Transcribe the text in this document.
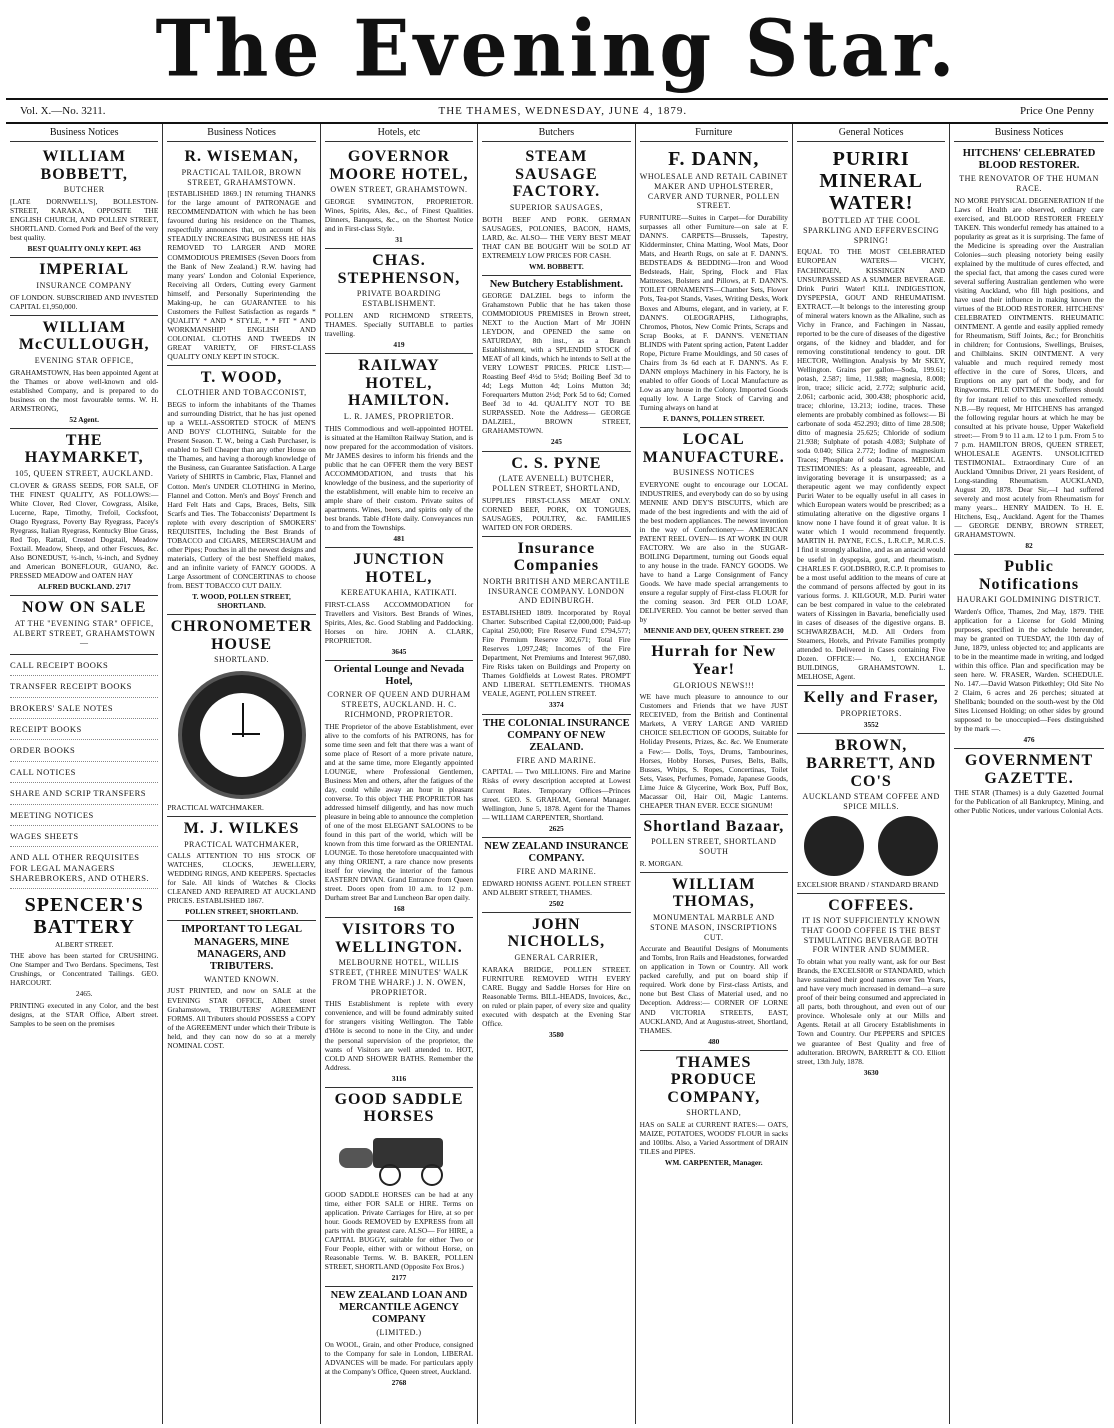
The Evening Star.
Vol. X.—No. 3211.	THE THAMES, WEDNESDAY, JUNE 4, 1879.	Price One Penny
Business Notices
WILLIAM BOBBETT,
BUTCHER
[LATE DORNWELL'S], BOLLESTON-STREET, KARAKA, OPPOSITE THE ENGLISH CHURCH, AND POLLEN STREET, SHORTLAND. Corned Pork and Beef of the very best quality.
BEST QUALITY ONLY KEPT. 463
IMPERIAL
INSURANCE COMPANY
OF LONDON. SUBSCRIBED AND INVESTED CAPITAL £1,950,000.
WILLIAM McCULLOUGH,
EVENING STAR OFFICE,
GRAHAMSTOWN, Has been appointed Agent at the Thames or above well-known and old-established Company, and is prepared to do business on the most favourable terms. W. H. ARMSTRONG,
52 Agent.
THE HAYMARKET,
105, QUEEN STREET, AUCKLAND.
CLOVER & GRASS SEEDS, FOR SALE, OF THE FINEST QUALITY, AS FOLLOWS:— White Clover, Red Clover, Cowgrass, Alsike, Lucerne, Rape, Timothy, Trefoil, Cocksfoot, Otago Ryegrass, Poverty Bay Ryegrass, Pacey's Ryegrass, Italian Ryegrass, Kentucky Blue Grass, Red Top, Rattail, Crested Dogstail, Meadow Foxtail. Meadow, Sheep, and other Fescues, &c. Also BONEDUST, ½-inch, ¼-inch, and Sydney and American BONEFLOUR, GUANO, &c. PRESSED MEADOW and OATEN HAY
ALFRED BUCKLAND. 2717
NOW ON SALE
AT THE "EVENING STAR" OFFICE, ALBERT STREET, GRAHAMSTOWN—
CALL RECEIPT BOOKS
TRANSFER RECEIPT BOOKS
BROKERS' SALE NOTES
RECEIPT BOOKS
ORDER BOOKS
CALL NOTICES
SHARE AND SCRIP TRANSFERS
MEETING NOTICES
WAGES SHEETS
AND ALL OTHER REQUISITES FOR LEGAL MANAGERS SHAREBROKERS, AND OTHERS.
SPENCER'S BATTERY
ALBERT STREET.
THE above has been started for CRUSHING. One Stamper and Two Berdans. Specimens, Test Crushings, or Concentrated Tailings. GEO. HARCOURT.
2465.
PRINTING executed in any Color, and the best designs, at the STAR Office, Albert street. Samples to be seen on the premises
Business Notices
R. WISEMAN,
PRACTICAL TAILOR, BROWN STREET, GRAHAMSTOWN.
[ESTABLISHED 1869.] IN returning THANKS for the large amount of PATRONAGE and RECOMMENDATION with which he has been favoured during his residence on the Thames, respectfully announces that, on account of his STEADILY INCREASING BUSINESS HE HAS REMOVED TO LARGER AND MORE COMMODIOUS PREMISES (Seven Doors from the Bank of New Zealand.) R.W. having had many years' London and Colonial Experience, Receiving all Orders, Cutting every Garment himself, and Personally Superintending the Making-up, he can GUARANTEE to his Customers the Fullest Satisfaction as regards * QUALITY * AND * STYLE, * * FIT * AND WORKMANSHIP! ENGLISH AND COLONIAL CLOTHS AND TWEEDS IN GREAT VARIETY, OF FIRST-CLASS QUALITY ONLY KEPT IN STOCK.
T. WOOD,
CLOTHIER AND TOBACCONIST,
BEGS to inform the inhabitants of the Thames and surrounding District, that he has just opened up a WELL-ASSORTED STOCK of MEN'S AND BOYS' CLOTHING, Suitable for the Present Season. T. W., being a Cash Purchaser, is enabled to Sell Cheaper than any other House on the Thames, and having a thorough knowledge of the Business, can Guarantee Satisfaction. A Large Variety of SHIRTS in Cambric, Flax, Flannel and Cotton. Men's UNDER CLOTHING in Merino, Flannel and Cotton. Men's and Boys' French and Hard Felt Hats and Caps, Braces, Belts, Silk Scarfs and Ties. The Tobacconists' Department Is replete with every description of SMOKERS' REQUISITES, Including the Best Brands of TOBACCO and CIGARS, MEERSCHAUM and other Pipes; Pouches in all the newest designs and materials, Cutlery of the best Sheffield makes, and an infinite variety of FANCY GOODS. A Large Assortment of CONCERTINAS to choose from. BEST TOBACCO CUT DAILY.
T. WOOD, POLLEN STREET, SHORTLAND.
CHRONOMETER HOUSE
SHORTLAND.
PRACTICAL WATCHMAKER.
M. J. WILKES
PRACTICAL WATCHMAKER,
CALLS ATTENTION TO HIS STOCK OF WATCHES, CLOCKS, JEWELLERY, WEDDING RINGS, AND KEEPERS. Spectacles for Sale. All kinds of Watches & Clocks CLEANED AND REPAIRED AT AUCKLAND PRICES. ESTABLISHED 1867.
POLLEN STREET, SHORTLAND.
IMPORTANT TO LEGAL MANAGERS, MINE MANAGERS, AND TRIBUTERS.
WANTED KNOWN.
JUST PRINTED, and now on SALE at the EVENING STAR OFFICE, Albert street Grahamstown, TRIBUTERS' AGREEMENT FORMS. All Tributers should POSSESS a COPY of the AGREEMENT under which their Tribute is held, and they can now do so at a merely NOMINAL COST.
Hotels, etc
GOVERNOR MOORE HOTEL,
OWEN STREET, GRAHAMSTOWN.
GEORGE SYMINGTON, PROPRIETOR. Wines, Spirits, Ales, &c., of Finest Qualities. Dinners, Banquets, &c., on the Shortest Notice and in First-class Style.
31
CHAS. STEPHENSON,
PRIVATE BOARDING ESTABLISHMENT.
POLLEN AND RICHMOND STREETS, THAMES. Specially SUITABLE to parties travelling.
419
RAILWAY HOTEL, HAMILTON.
L. R. JAMES, PROPRIETOR.
THIS Commodious and well-appointed HOTEL is situated at the Hamilton Railway Station, and is now prepared for the accommodation of visitors. Mr JAMES desires to inform his friends and the public that he can OFFER them the very BEST ACCOMMODATION, and trusts that his knowledge of the business, and the superiority of the establishment, will enable him to receive an ample share of their custom. Private suites of apartments. Wines, beers, and spirits only of the best brands. Table d'Hote daily. Conveyances run to and from the Townships.
481
JUNCTION HOTEL,
KEREATUKAHIA, KATIKATI.
FIRST-CLASS ACCOMMODATION for Travellers and Visitors. Best Brands of Wines, Spirits, Ales, &c. Good Stabling and Paddocking. Horses on hire. JOHN A. CLARK, PROPRIETOR.
3645
Oriental Lounge and Nevada Hotel,
CORNER OF QUEEN AND DURHAM STREETS, AUCKLAND. H. C. RICHMOND, PROPRIETOR.
THE Proprietor of the above Establishment, ever alive to the comforts of his PATRONS, has for some time seen and felt that there was a want of some place of Resort of a more private nature, and at the same time, more Elegantly appointed LOUNGE, where Professional Gentlemen, Business Men and others, after the fatigues of the day, could while away an hour in pleasant converse. To this object THE PROPRIETOR has addressed himself diligently, and has now much pleasure in being able to announce the completion of one of the most ELEGANT SALOONS to be found in this part of the world, which will be known from this time forward as the ORIENTAL LOUNGE. To those heretofore unacquainted with any thing ORIENT, a rare chance now presents itself for viewing the interior of the famous EASTERN DIVAN. Grand Entrance from Queen street. Doors open from 10 a.m. to 12 p.m. Durham street Bar and Luncheon Bar open daily.
168
VISITORS TO WELLINGTON.
MELBOURNE HOTEL, WILLIS STREET, (THREE MINUTES' WALK FROM THE WHARF.) J. N. OWEN, PROPRIETOR.
THIS Establishment is replete with every convenience, and will be found admirably suited for strangers visiting Wellington. The Table d'Hôte is second to none in the City, and under the personal supervision of the proprietor, the wants of Visitors are well attended to. HOT, COLD AND SHOWER BATHS. Remember the Address.
3116
GOOD SADDLE HORSES
GOOD SADDLE HORSES can be had at any time, either FOR SALE or HIRE. Terms on application. Private Carriages for Hire, at so per hour. Goods REMOVED by EXPRESS from all parts with the greatest care. ALSO— For HIRE, a CAPITAL BUGGY, suitable for either Two or Four People, either with or without Horse, on Reasonable Terms. W. B. BAKER, POLLEN STREET, SHORTLAND (Opposite Fox Bros.)
2177
NEW ZEALAND LOAN AND MERCANTILE AGENCY COMPANY
(LIMITED.)
On WOOL, Grain, and other Produce, consigned to the Company for sale in London, LIBERAL ADVANCES will be made. For particulars apply at the Company's Office, Queen street, Auckland.
2768
Butchers
STEAM SAUSAGE FACTORY.
SUPERIOR SAUSAGES,
BOTH BEEF AND PORK. GERMAN SAUSAGES, POLONIES, BACON, HAMS, LARD, &c. ALSO— THE VERY BEST MEAT THAT CAN BE BOUGHT Will be SOLD AT EXTREMELY LOW PRICES FOR CASH.
WM. BOBBETT.
New Butchery Establishment.
GEORGE DALZIEL begs to inform the Grahamstown Public that he has taken those COMMODIOUS PREMISES in Brown street, NEXT to the Auction Mart of Mr JOHN LEYDON, and OPENED the same on SATURDAY, 8th inst., as a Branch Establishment, with a SPLENDID STOCK of MEAT of all kinds, which he intends to Sell at the VERY LOWEST PRICES. PRICE LIST:— Roasting Beef 4½d to 5½d; Boiling Beef 3d to 4d; Legs Mutton 4d; Loins Mutton 3d; Forequarters Mutton 2½d; Pork 5d to 6d; Corned Beef 3d to 4d. QUALITY NOT TO BE SURPASSED. Note the Address— GEORGE DALZIEL, BROWN STREET, GRAHAMSTOWN.
245
C. S. PYNE
(LATE AVENELL) BUTCHER, POLLEN STREET, SHORTLAND,
SUPPLIES FIRST-CLASS MEAT ONLY. CORNED BEEF, PORK, OX TONGUES, SAUSAGES, POULTRY, &c. FAMILIES WAITED ON FOR ORDERS.
Insurance Companies
NORTH BRITISH AND MERCANTILE INSURANCE COMPANY. LONDON AND EDINBURGH.
ESTABLISHED 1809. Incorporated by Royal Charter. Subscribed Capital £2,000,000; Paid-up Capital 250,000; Fire Reserve Fund £794,577; Fire Premium Reserve 302,671; Total Fire Reserves 1,097,248; Incomes of the Fire Department, Net Premiums and Interest 967,080. Fire Risks taken on Buildings and Property on Thames Goldfields at Lowest Rates. PROMPT AND LIBERAL SETTLEMENTS. THOMAS VEALE, AGENT, POLLEN STREET.
3374
THE COLONIAL INSURANCE COMPANY OF NEW ZEALAND.
FIRE AND MARINE.
CAPITAL — Two MILLIONS. Fire and Marine Risks of every description accepted at Lowest Current Rates. Temporary Offices—Princes street. GEO. S. GRAHAM, General Manager. Wellington, June 5, 1878. Agent for the Thames— WILLIAM CARPENTER, Shortland.
2625
NEW ZEALAND INSURANCE COMPANY.
FIRE AND MARINE.
EDWARD HONISS AGENT. POLLEN STREET AND ALBERT STREET, THAMES.
2502
JOHN NICHOLLS,
GENERAL CARRIER,
KARAKA BRIDGE, POLLEN STREET. FURNITURE REMOVED WITH EVERY CARE. Buggy and Saddle Horses for Hire on Reasonable Terms. BILL-HEADS, Invoices, &c., on ruled or plain paper, of every size and quality executed with despatch at the Evening Star Office.
3580
Furniture
F. DANN,
WHOLESALE AND RETAIL CABINET MAKER AND UPHOLSTERER, CARVER AND TURNER, POLLEN STREET.
FURNITURE—Suites in Carpet—for Durability surpasses all other Furniture—on sale at F. DANN'S. CARPETS—Brussels, Tapestry, Kidderminster, China Matting, Wool Mats, Door Mats, and Hearth Rugs, on sale at F. DANN'S. BEDSTEADS & BEDDING—Iron and Wood Bedsteads, Hair, Spring, Flock and Flax Mattresses, Bolsters and Pillows, at F. DANN'S. TOILET ORNAMENTS—Chamber Sets, Flower Pots, Tea-pot Stands, Vases, Writing Desks, Work Boxes and Albums, elegant, and in variety, at F. DANN'S. OLEOGRAPHS, Lithographs, Chromos, Photos, New Comic Prints, Scraps and Scrap Books, at F. DANN'S. VENETIAN BLINDS with Patent spring action, Patent Ladder Rope, Picture Frame Mouldings, and 50 cases of Chairs from 3s 6d each at F. DANN'S. As F. DANN employs Machinery in his Factory, he is enabled to offer Goods of Local Manufacture as Low as any house in the Colony. Imported Goods equally low. A Large Stock of Carving and Turning always on hand at
F. DANN'S, POLLEN STREET.
LOCAL MANUFACTURE.
BUSINESS NOTICES
EVERYONE ought to encourage our LOCAL INDUSTRIES, and everybody can do so by using MENNIE AND DEY'S BISCUITS, which are made of the best ingredients and with the aid of the best modern appliances. The newest invention in the way of Confectionery— AMERICAN PATENT REEL OVEN— IS AT WORK IN OUR FACTORY. We are also in the SUGAR-BOILING Department, turning out Goods equal to any house in the trade. FANCY GOODS. We have to hand a Large Consignment of Fancy Goods. We have made special arrangements to ensure a regular supply of First-class FLOUR for the coming season. 3rd PER OLD LOAF, DELIVERED. You cannot be better served than by
MENNIE AND DEY, QUEEN STREET. 230
Hurrah for New Year!
GLORIOUS NEWS!!!
WE have much pleasure to announce to our Customers and Friends that we have JUST RECEIVED, from the British and Continental Markets, A VERY LARGE AND VARIED CHOICE SELECTION OF GOODS, Suitable for Holiday Presents, Prizes, &c. &c. We Enumerate a Few:— Dolls, Toys, Drums, Tambourines, Horses, Hobby Horses, Purses, Belts, Balls, Busses, Whips, S. Ropes, Concertinas, Toilet Sets, Vases, Perfumes, Pomade, Japanese Goods, Lime Juice & Glycerine, Work Box, Puff Box, Macassar Oil, Hair Oil, Magic Lanterns. CHEAPER THAN EVER. ECCE SIGNUM!
Shortland Bazaar,
POLLEN STREET, SHORTLAND SOUTH
R. MORGAN.
WILLIAM THOMAS,
MONUMENTAL MARBLE AND STONE MASON, INSCRIPTIONS CUT.
Accurate and Beautiful Designs of Monuments and Tombs, Iron Rails and Headstones, forwarded on application in Town or Country. All work packed carefully, and put on board ship if required. Work done by First-class Artists, and none but Best Class of Material used, and no Deception. Address:— CORNER OF LORNE AND VICTORIA STREETS, EAST, AUCKLAND, And at Augustus-street, Shortland, THAMES.
480
THAMES PRODUCE COMPANY,
SHORTLAND,
HAS on SALE at CURRENT RATES:— OATS, MAIZE, POTATOES, WOODS' FLOUR in sacks and 100lbs. Also, a Varied Assortment of DRAIN TILES and PIPES.
WM. CARPENTER, Manager.
General Notices
PURIRI MINERAL WATER!
BOTTLED AT THE COOL SPARKLING AND EFFERVESCING SPRING!
EQUAL TO THE MOST CELEBRATED EUROPEAN WATERS— VICHY, FACHINGEN, KISSINGEN AND UNSURPASSED AS A SUMMER BEVERAGE. Drink Puriri Water! KILL INDIGESTION, DYSPEPSIA, GOUT AND RHEUMATISM. EXTRACT.—It belongs to the interesting group of mineral waters known as the Alkaline, such as Vichy in France, and Fachingen in Nassau, reported to be the cure of diseases of the digestive organs, of the kidney and bladder, and for removing constitutional tendency to gout. DR HECTOR, Wellington. Analysis by Mr SKEY, Wellington. Grains per gallon—Soda, 199.61; potash, 2.587; lime, 11.988; magnesia, 8.008; iron, trace; silicic acid, 2.772; sulphuric acid, 2.061; carbonic acid, 300.438; phosphoric acid, trace; chlorine, 13.213; iodine, traces. These elements are probably combined as follows:— Bi carbonate of soda 452.293; ditto of lime 28.508; ditto of magnesia 25.625; Chloride of sodium 21.938; Sulphate of potash 4.083; Sulphate of soda 0.040; Silica 2.772; Iodine of magnesium Traces; Phosphate of soda Traces. MEDICAL TESTIMONIES: As a pleasant, agreeable, and invigorating beverage it is unsurpassed; as a therapeutic agent we may confidently expect Puriri Water to be equally useful in all cases in which European waters would be prescribed; as a stimulating alterative on the digestive organs I know none I have found it of great value. It is water which I would recommend frequently. MARTIN H. PAYNE, F.C.S., L.R.C.P., M.R.C.S. I find it strongly alkaline, and as an antacid would be useful in dyspepsia, gout, and rheumatism. CHARLES F. GOLDSBRO, R.C.P. It promises to be a most useful addition to the means of cure at the command of persons affected by gout in its various forms. J. KILGOUR, M.D. Puriri water can be best compared in value to the celebrated waters of Kissingen in Bavaria, beneficially used in cases of diseases of the digestive organs. B. SCHWARZBACH, M.D. All Orders from Steamers, Hotels, and Private Families promptly attended to. Delivered in Cases containing Five Dozen. OFFICE:— No. 1, EXCHANGE BUILDINGS, GRAHAMSTOWN. L. MELHOSE, Agent.
Kelly and Fraser,
PROPRIETORS.
3552
BROWN, BARRETT, AND CO'S
AUCKLAND STEAM COFFEE AND SPICE MILLS.
EXCELSIOR BRAND / STANDARD BRAND
COFFEES.
IT IS NOT SUFFICIENTLY KNOWN THAT GOOD COFFEE IS THE BEST STIMULATING BEVERAGE BOTH FOR WINTER AND SUMMER.
To obtain what you really want, ask for our Best Brands, the EXCELSIOR or STANDARD, which have sustained their good names over Ten Years, and have very much increased in demand—a sure proof of their being consumed and appreciated in all parts, both throughout, and even out of our province. Wholesale only at our Mills and Agents. Retail at all Grocery Establishments in Town and Country. Our PEPPERS and SPICES we guarantee of Best Quality and free of adulteration. BROWN, BARRETT & CO. Elliott street, 13th July, 1878.
3630
Business Notices
HITCHENS' CELEBRATED BLOOD RESTORER.
THE RENOVATOR OF THE HUMAN RACE.
NO MORE PHYSICAL DEGENERATION If the Laws of Health are observed, ordinary care exercised, and BLOOD RESTORER FREELY TAKEN. This wonderful remedy has attained to a popularity as great as it is surprising. The fame of the Medicine is spreading over the Australian Colonies—such pleasing notoriety being easily explained by the multitude of cures effected, and the special fact, that among the cases cured were several suffering Australian gentlemen who were visiting Auckland, who fill high positions, and have used their influence in making known the virtues of the BLOOD RESTORER. HITCHENS' CELEBRATED OINTMENTS. RHEUMATIC OINTMENT. A gentle and easily applied remedy for Rheumatism, Stiff Joints, &c.; for Bronchitis in children; for Contusions, Swellings, Bruises, and Chilblains. SKIN OINTMENT. A very valuable and much required remedy most effective in the cure of Sores, Ulcers, and Eruptions on any part of the body, and for Ringworms. PILE OINTMENT. Sufferers should fly for instant relief to this unexcelled remedy. N.B.—By request, Mr HITCHENS has arranged the following regular hours at which he may be consulted at his private house, Upper Wakefield street:— From 9 to 11 a.m. 12 to 1 p.m. From 5 to 7 p.m. HAMILTON BROS, QUEEN STREET, WHOLESALE AGENTS. UNSOLICITED TESTIMONIAL. Extraordinary Cure of an Auckland 'Omnibus Driver, 21 years Resident, of Long-standing Rheumatism. AUCKLAND, August 20, 1878. Dear Sir,—I had suffered severely and most acutely from Rheumatism for many years... HENRY MAIDEN. To H. E. Hitchens, Esq., Auckland. Agent for the Thames— GEORGE DENBY, BROWN STREET, GRAHAMSTOWN.
82
Public Notifications
HAURAKI GOLDMINING DISTRICT.
Warden's Office, Thames, 2nd May, 1879. THE application for a License for Gold Mining purposes, specified in the schedule hereunder, may be granted on TUESDAY, the 10th day of June, 1879, unless objected to; and applicants are to be in the meantime made in writing, and lodged within this office. Plan and specification may be seen here. W. FRASER, Warden. SCHEDULE. No. 147.—David Watson Pitkethley; Old Site No 2 Claim, 6 acres and 26 perches; situated at Shellbank; bounded on the south-west by the Old Sites Licensed Holding; on other sides by ground supposed to be unoccupied—Fees distinguished by the mark —.
476
GOVERNMENT GAZETTE.
THE STAR (Thames) is a duly Gazetted Journal for the Publication of all Bankruptcy, Mining, and other Public Notices, under various Colonial Acts.
